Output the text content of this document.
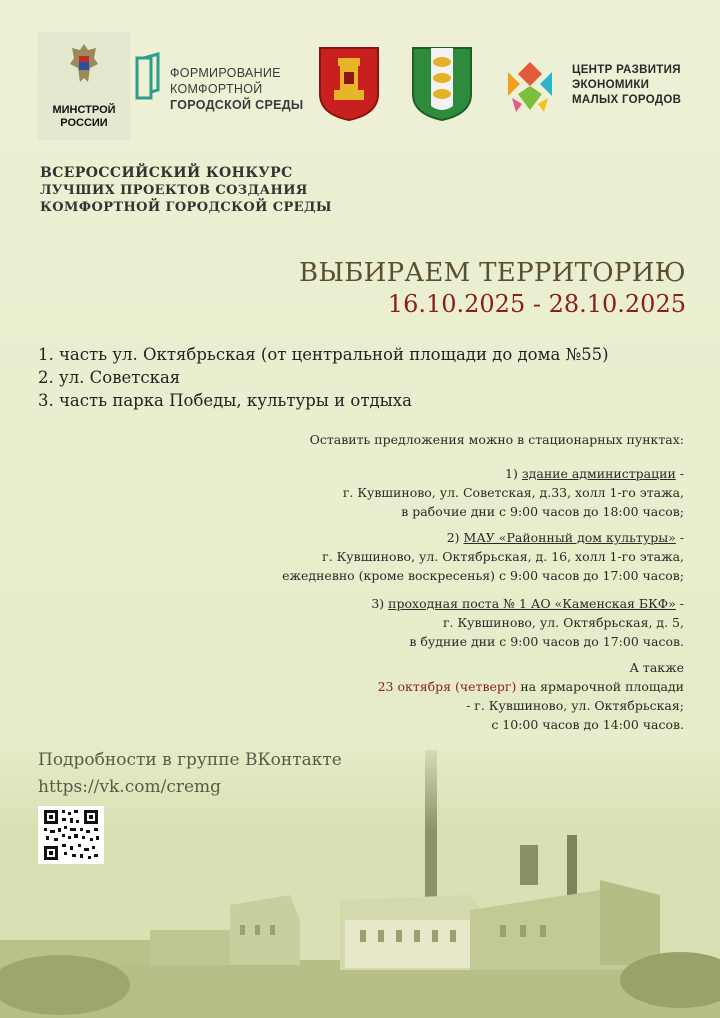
МИНСТРОЙ
РОССИИ
ФОРМИРОВАНИЕ
КОМФОРТНОЙ
ГОРОДСКОЙ СРЕДЫ
ЦЕНТР РАЗВИТИЯ
ЭКОНОМИКИ
МАЛЫХ ГОРОДОВ
ВСЕРОССИЙСКИЙ КОНКУРС
ЛУЧШИХ ПРОЕКТОВ СОЗДАНИЯ
КОМФОРТНОЙ ГОРОДСКОЙ СРЕДЫ
ВЫБИРАЕМ ТЕРРИТОРИЮ
16.10.2025 - 28.10.2025
1. часть ул. Октябрьская (от центральной площади до дома №55)
2. ул. Советская
3. часть парка Победы, культуры и отдыха
Оставить предложения можно в стационарных пунктах:
1) здание администрации -
г. Кувшиново, ул. Советская, д.33, холл 1-го этажа,
в рабочие дни с 9:00 часов до 18:00 часов;
2) МАУ «Районный дом культуры» -
г. Кувшиново, ул. Октябрьская, д. 16, холл 1-го этажа,
ежедневно (кроме воскресенья) с 9:00 часов до 17:00 часов;
3) проходная поста № 1 АО «Каменская БКФ» -
г. Кувшиново, ул. Октябрьская, д. 5,
в будние дни с 9:00 часов до 17:00 часов.
А также
23 октября (четверг) на ярмарочной площади
- г. Кувшиново, ул. Октябрьская;
с 10:00 часов до 14:00 часов.
Подробности в группе ВКонтакте
https://vk.com/cremg
